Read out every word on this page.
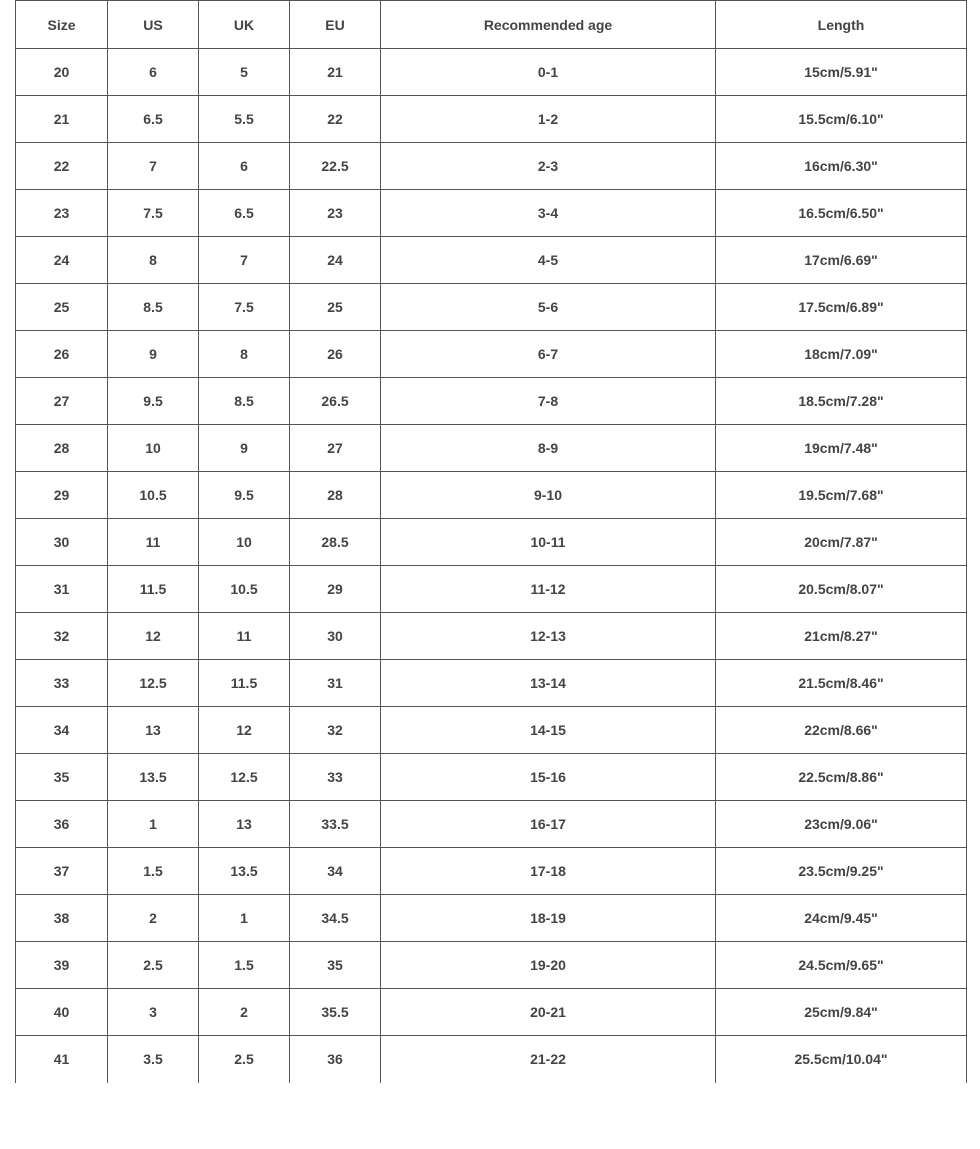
Size	US	UK	EU	Recommended age	Length
20	6	5	21	0-1	15cm/5.91"
21	6.5	5.5	22	1-2	15.5cm/6.10"
22	7	6	22.5	2-3	16cm/6.30"
23	7.5	6.5	23	3-4	16.5cm/6.50"
24	8	7	24	4-5	17cm/6.69"
25	8.5	7.5	25	5-6	17.5cm/6.89"
26	9	8	26	6-7	18cm/7.09"
27	9.5	8.5	26.5	7-8	18.5cm/7.28"
28	10	9	27	8-9	19cm/7.48"
29	10.5	9.5	28	9-10	19.5cm/7.68"
30	11	10	28.5	10-11	20cm/7.87"
31	11.5	10.5	29	11-12	20.5cm/8.07"
32	12	11	30	12-13	21cm/8.27"
33	12.5	11.5	31	13-14	21.5cm/8.46"
34	13	12	32	14-15	22cm/8.66"
35	13.5	12.5	33	15-16	22.5cm/8.86"
36	1	13	33.5	16-17	23cm/9.06"
37	1.5	13.5	34	17-18	23.5cm/9.25"
38	2	1	34.5	18-19	24cm/9.45"
39	2.5	1.5	35	19-20	24.5cm/9.65"
40	3	2	35.5	20-21	25cm/9.84"
41	3.5	2.5	36	21-22	25.5cm/10.04"
